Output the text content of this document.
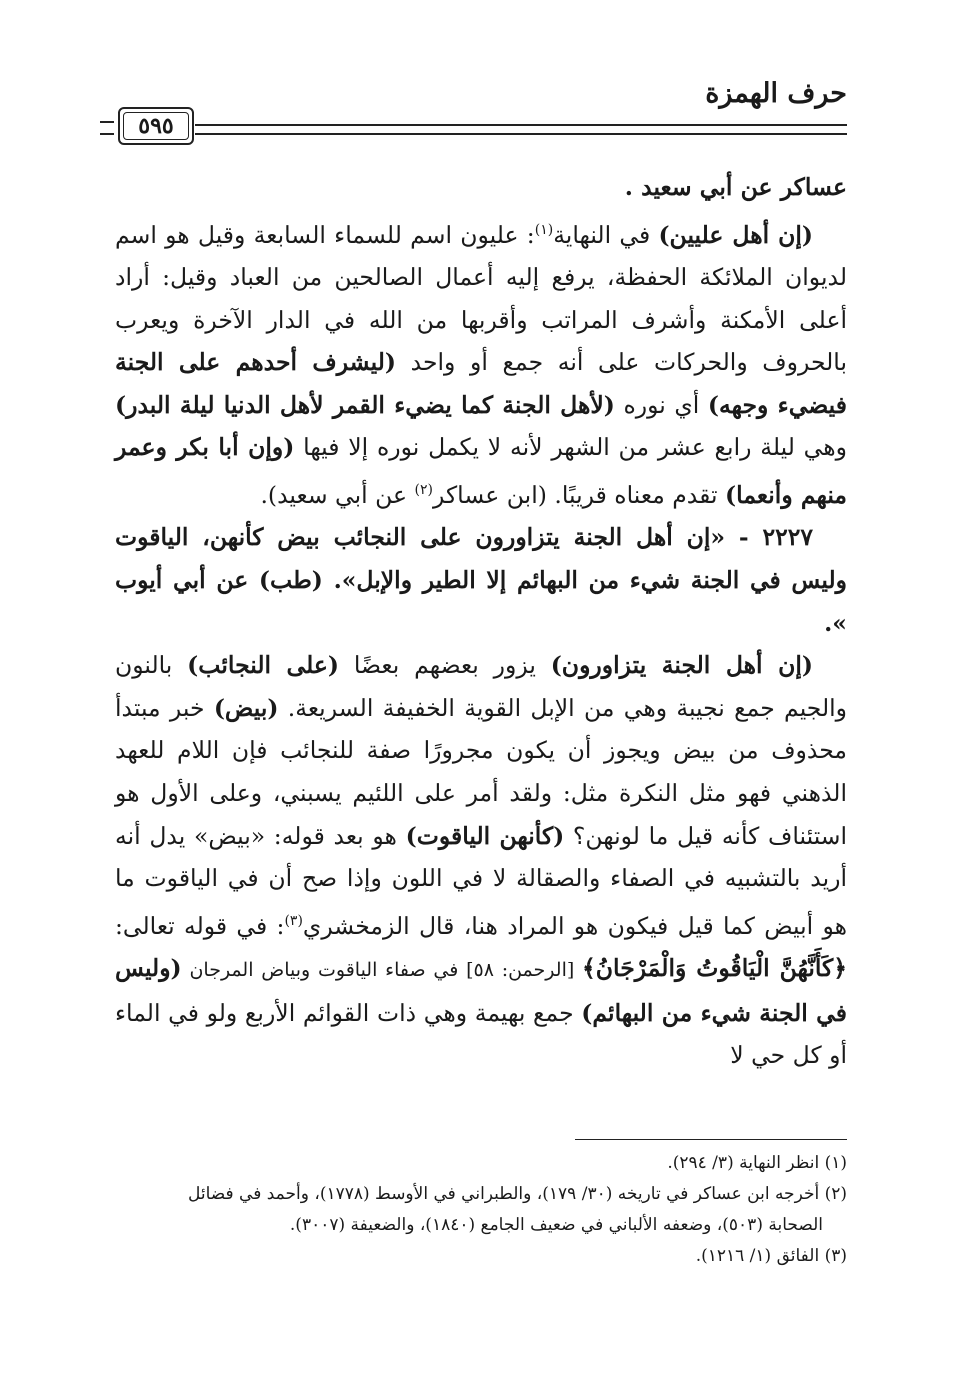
حرف الهمزة
٥٩٥

عساكر عن أبي سعيد .

(إن أهل عليين) في النهاية$^{(١)}$: عليون اسم للسماء السابعة وقيل هو اسم لديوان الملائكة الحفظة، يرفع إليه أعمال الصالحين من العباد وقيل: أراد أعلى الأمكنة وأشرف المراتب وأقربها من الله في الدار الآخرة ويعرب بالحروف والحركات على أنه جمع أو واحد (ليشرف أحدهم على الجنة فيضيء وجهه) أي نوره (لأهل الجنة كما يضيء القمر لأهل الدنيا ليلة البدر) وهي ليلة رابع عشر من الشهر لأنه لا يكمل نوره إلا فيها (وإن أبا بكر وعمر منهم وأنعما) تقدم معناه قريبًا. (ابن عساكر$^{(٢)}$ عن أبي سعيد).

٢٢٢٧ - «إن أهل الجنة يتزاورون على النجائب بيض كأنهن، الياقوت وليس في الجنة شيء من البهائم إلا الطير والإبل». (طب) عن أبي أيوب ».

(إن أهل الجنة يتزاورون) يزور بعضهم بعضًا (على النجائب) بالنون والجيم جمع نجيبة وهي من الإبل القوية الخفيفة السريعة. (بيض) خبر مبتدأ محذوف من بيض ويجوز أن يكون مجرورًا صفة للنجائب فإن اللام للعهد الذهني فهو مثل النكرة مثل: ولقد أمر على اللئيم يسبني، وعلى الأول هو استئناف كأنه قيل ما لونهن؟ (كأنهن الياقوت) هو بعد قوله: «بيض» يدل أنه أريد بالتشبيه في الصفاء والصقالة لا في اللون وإذا صح أن في الياقوت ما هو أبيض كما قيل فيكون هو المراد هنا، قال الزمخشري$^{(٣)}$: في قوله تعالى: ﴿كَأَنَّهُنَّ الْيَاقُوتُ وَالْمَرْجَانُ﴾ [الرحمن: ٥٨] في صفاء الياقوت وبياض المرجان (وليس في الجنة شيء من البهائم) جمع بهيمة وهي ذات القوائم الأربع ولو في الماء أو كل حي لا

(١) انظر النهاية (٣/ ٢٩٤).

(٢) أخرجه ابن عساكر في تاريخه (٣٠/ ١٧٩)، والطبراني في الأوسط (١٧٧٨)، وأحمد في فضائل

الصحابة (٥٠٣)، وضعفه الألباني في ضعيف الجامع (١٨٤٠)، والضعيفة (٣٠٠٧).

(٣) الفائق (١/ ١٢١٦).
